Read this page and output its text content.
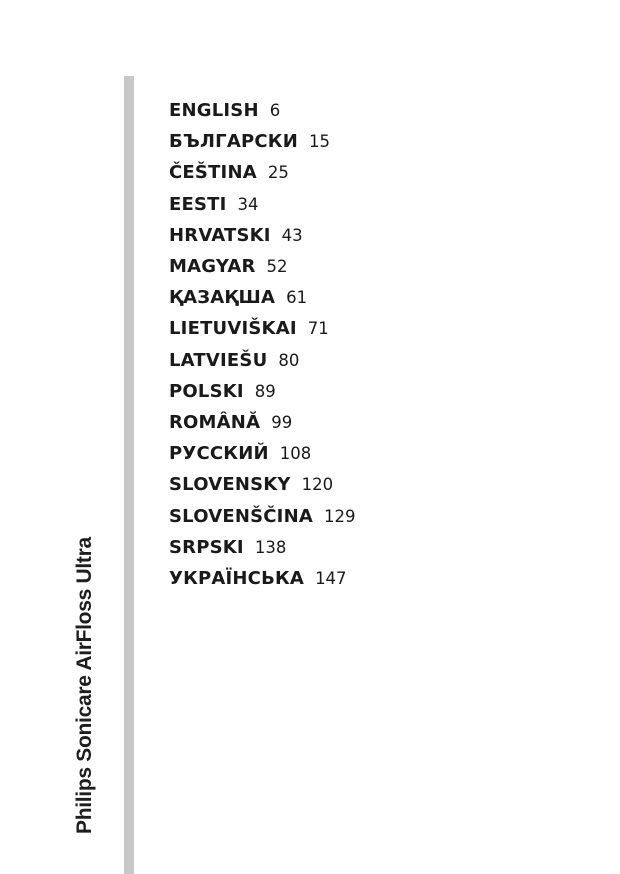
Philips Sonicare AirFloss Ultra
ENGLISH 6
БЪЛГАРСКИ 15
ČEŠTINA 25
EESTI 34
HRVATSKI 43
MAGYAR 52
ҚАЗАҚША 61
LIETUVIŠKAI 71
LATVIEŠU 80
POLSKI 89
ROMÂNĂ 99
РУССКИЙ 108
SLOVENSKY 120
SLOVENŠČINA 129
SRPSKI 138
УКРАЇНСЬКА 147
